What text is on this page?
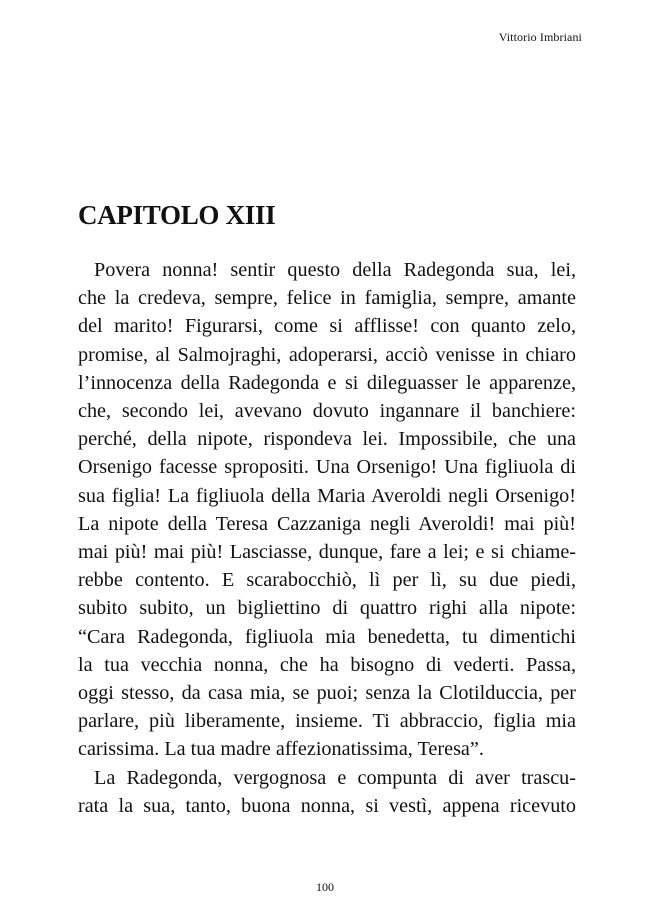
Vittorio Imbriani
CAPITOLO XIII

Povera nonna! sentir questo della Radegonda sua, lei,

che la credeva, sempre, felice in famiglia, sempre, amante

del marito! Figurarsi, come si afflisse! con quanto zelo,

promise, al Salmojraghi, adoperarsi, acciò venisse in chiaro

l’innocenza della Radegonda e si dileguasser le apparenze,

che, secondo lei, avevano dovuto ingannare il banchiere:

perché, della nipote, rispondeva lei. Impossibile, che una

Orsenigo facesse spropositi. Una Orsenigo! Una figliuola di

sua figlia! La figliuola della Maria Averoldi negli Orsenigo!

La nipote della Teresa Cazzaniga negli Averoldi! mai più!

mai più! mai più! Lasciasse, dunque, fare a lei; e si chiame-

rebbe contento. E scarabocchiò, lì per lì, su due piedi,

subito subito, un bigliettino di quattro righi alla nipote:

“Cara Radegonda, figliuola mia benedetta, tu dimentichi

la tua vecchia nonna, che ha bisogno di vederti. Passa,

oggi stesso, da casa mia, se puoi; senza la Clotilduccia, per

parlare, più liberamente, insieme. Ti abbraccio, figlia mia

carissima. La tua madre affezionatissima, Teresa”.

La Radegonda, vergognosa e compunta di aver trascu-

rata la sua, tanto, buona nonna, si vestì, appena ricevuto

100
